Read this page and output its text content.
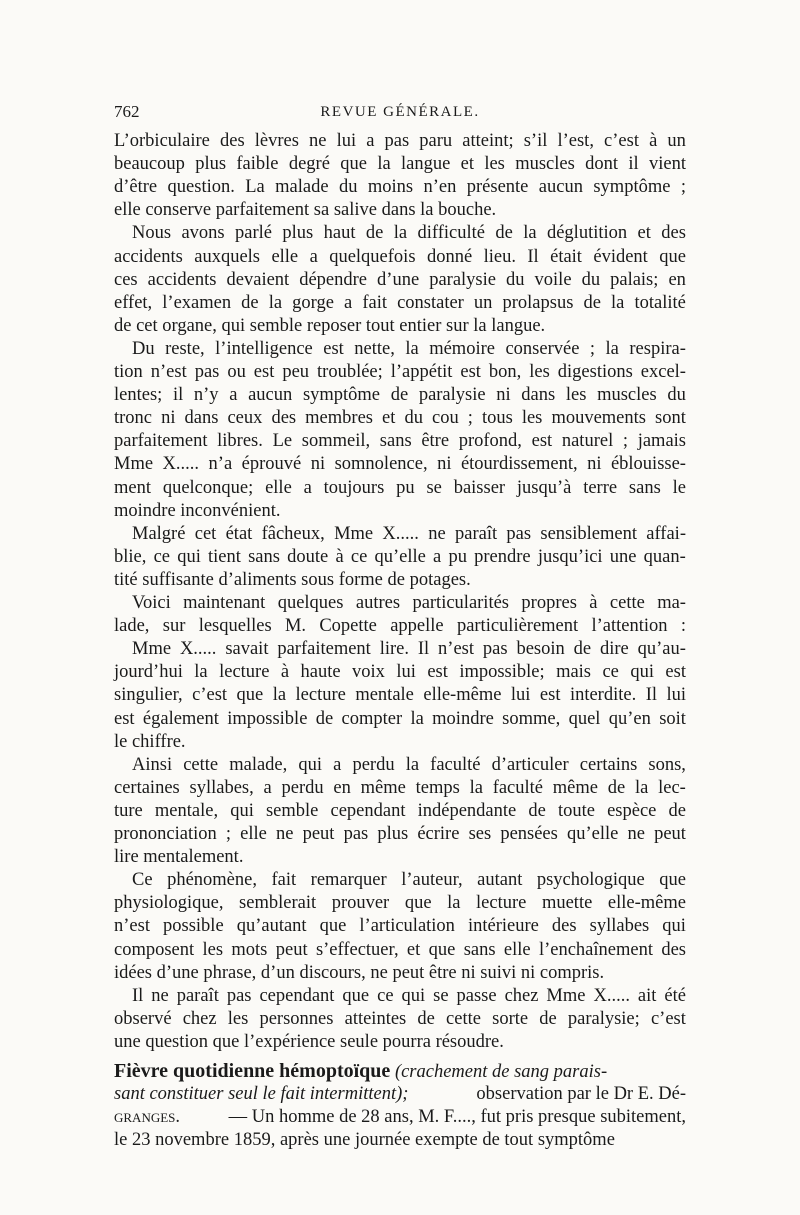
762	REVUE GÉNÉRALE.
L’orbiculaire des lèvres ne lui a pas paru atteint; s’il l’est, c’est à un
beaucoup plus faible degré que la langue et les muscles dont il vient
d’être question. La malade du moins n’en présente aucun symptôme ;
elle conserve parfaitement sa salive dans la bouche.
Nous avons parlé plus haut de la difficulté de la déglutition et des
accidents auxquels elle a quelquefois donné lieu. Il était évident que
ces accidents devaient dépendre d’une paralysie du voile du palais; en
effet, l’examen de la gorge a fait constater un prolapsus de la totalité
de cet organe, qui semble reposer tout entier sur la langue.
Du reste, l’intelligence est nette, la mémoire conservée ; la respira-
tion n’est pas ou est peu troublée; l’appétit est bon, les digestions excel-
lentes; il n’y a aucun symptôme de paralysie ni dans les muscles du
tronc ni dans ceux des membres et du cou ; tous les mouvements sont
parfaitement libres. Le sommeil, sans être profond, est naturel ; jamais
Mme X..... n’a éprouvé ni somnolence, ni étourdissement, ni éblouisse-
ment quelconque; elle a toujours pu se baisser jusqu’à terre sans le
moindre inconvénient.
Malgré cet état fâcheux, Mme X..... ne paraît pas sensiblement affai-
blie, ce qui tient sans doute à ce qu’elle a pu prendre jusqu’ici une quan-
tité suffisante d’aliments sous forme de potages.
Voici maintenant quelques autres particularités propres à cette ma-
lade, sur lesquelles M. Copette appelle particulièrement l’attention :
Mme X..... savait parfaitement lire. Il n’est pas besoin de dire qu’au-
jourd’hui la lecture à haute voix lui est impossible; mais ce qui est
singulier, c’est que la lecture mentale elle-même lui est interdite. Il lui
est également impossible de compter la moindre somme, quel qu’en soit
le chiffre.
Ainsi cette malade, qui a perdu la faculté d’articuler certains sons,
certaines syllabes, a perdu en même temps la faculté même de la lec-
ture mentale, qui semble cependant indépendante de toute espèce de
prononciation ; elle ne peut pas plus écrire ses pensées qu’elle ne peut
lire mentalement.
Ce phénomène, fait remarquer l’auteur, autant psychologique que
physiologique, semblerait prouver que la lecture muette elle-même
n’est possible qu’autant que l’articulation intérieure des syllabes qui
composent les mots peut s’effectuer, et que sans elle l’enchaînement des
idées d’une phrase, d’un discours, ne peut être ni suivi ni compris.
Il ne paraît pas cependant que ce qui se passe chez Mme X..... ait été
observé chez les personnes atteintes de cette sorte de paralysie; c’est
une question que l’expérience seule pourra résoudre.
Fièvre quotidienne hémoptoïque (crachement de sang parais-
sant constituer seul le fait intermittent);	observation par le Dr E. Dé-
granges.	— Un homme de 28 ans, M. F...., fut pris presque subitement,
le 23 novembre 1859, après une journée exempte de tout symptôme
